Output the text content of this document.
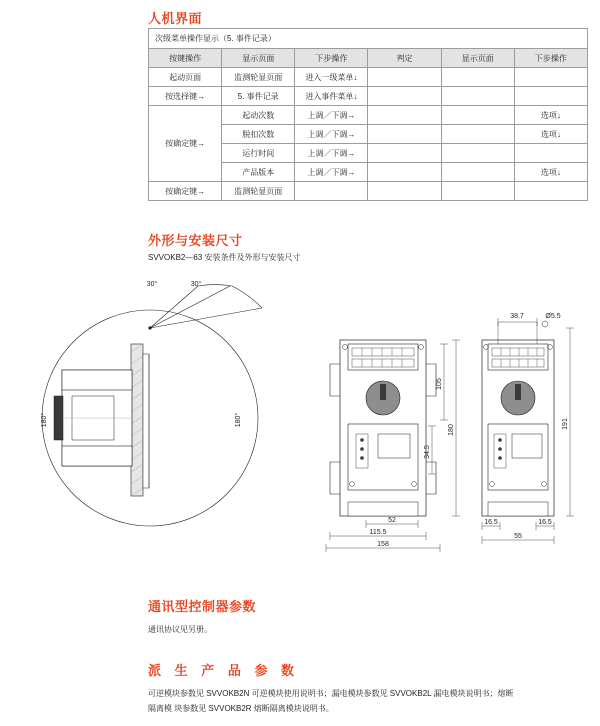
人机界面
次级菜单操作显示（5. 事件记录）					
按键操作	显示页面	下步操作	判定	显示页面	下步操作
起动页面	监测轮显页面	进入一级菜单↓			
按选择键→	5. 事件记录	进入事件菜单↓			
按确定键→	起动次数	上调／下调→			选项↓
	脱扣次数	上调／下调→			选项↓
	运行时间	上调／下调→			
	产品版本	上调／下调→			选项↓
按确定键→	监测轮显页面				
外形与安装尺寸
SVVOKB2—63 安装条件及外形与安装尺寸
30°	30°
180°	180°
105
180
34.5
52
115.5
158
38.7	Ø5.5
191
16.5	16.5
55
通讯型控制器参数
通讯协议见另册。
派 生 产 品 参 数
可逆模块参数见 SVVOKB2N 可逆模块使用说明书；漏电模块参数见 SVVOKB2L 漏电模块说明书；熔断
隔离模 块参数见 SVVOKB2R 熔断隔离模块说明书。
